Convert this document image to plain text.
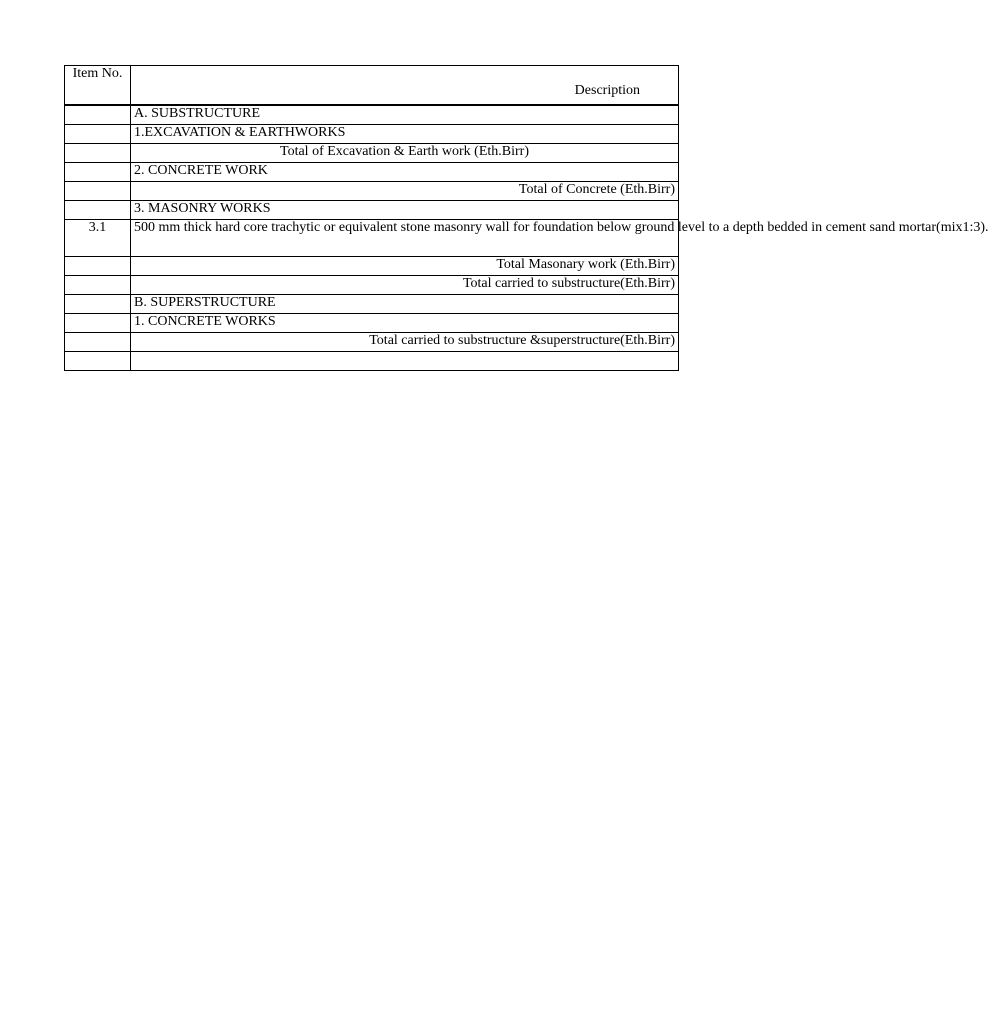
Item No.	Description

	A. SUBSTRUCTURE
	1.EXCAVATION & EARTHWORKS
	Total of Excavation & Earth work (Eth.Birr)
	2. CONCRETE WORK
	Total of Concrete (Eth.Birr)
	3. MASONRY WORKS
3.1	500 mm thick hard core trachytic or equivalent stone masonry wall for foundation below ground level to a depth bedded in cement sand mortar(mix1:3).
	Total Masonary work (Eth.Birr)
	Total carried to substructure(Eth.Birr)
	B. SUPERSTRUCTURE
	1. CONCRETE WORKS
	Total carried to substructure &superstructure(Eth.Birr)
